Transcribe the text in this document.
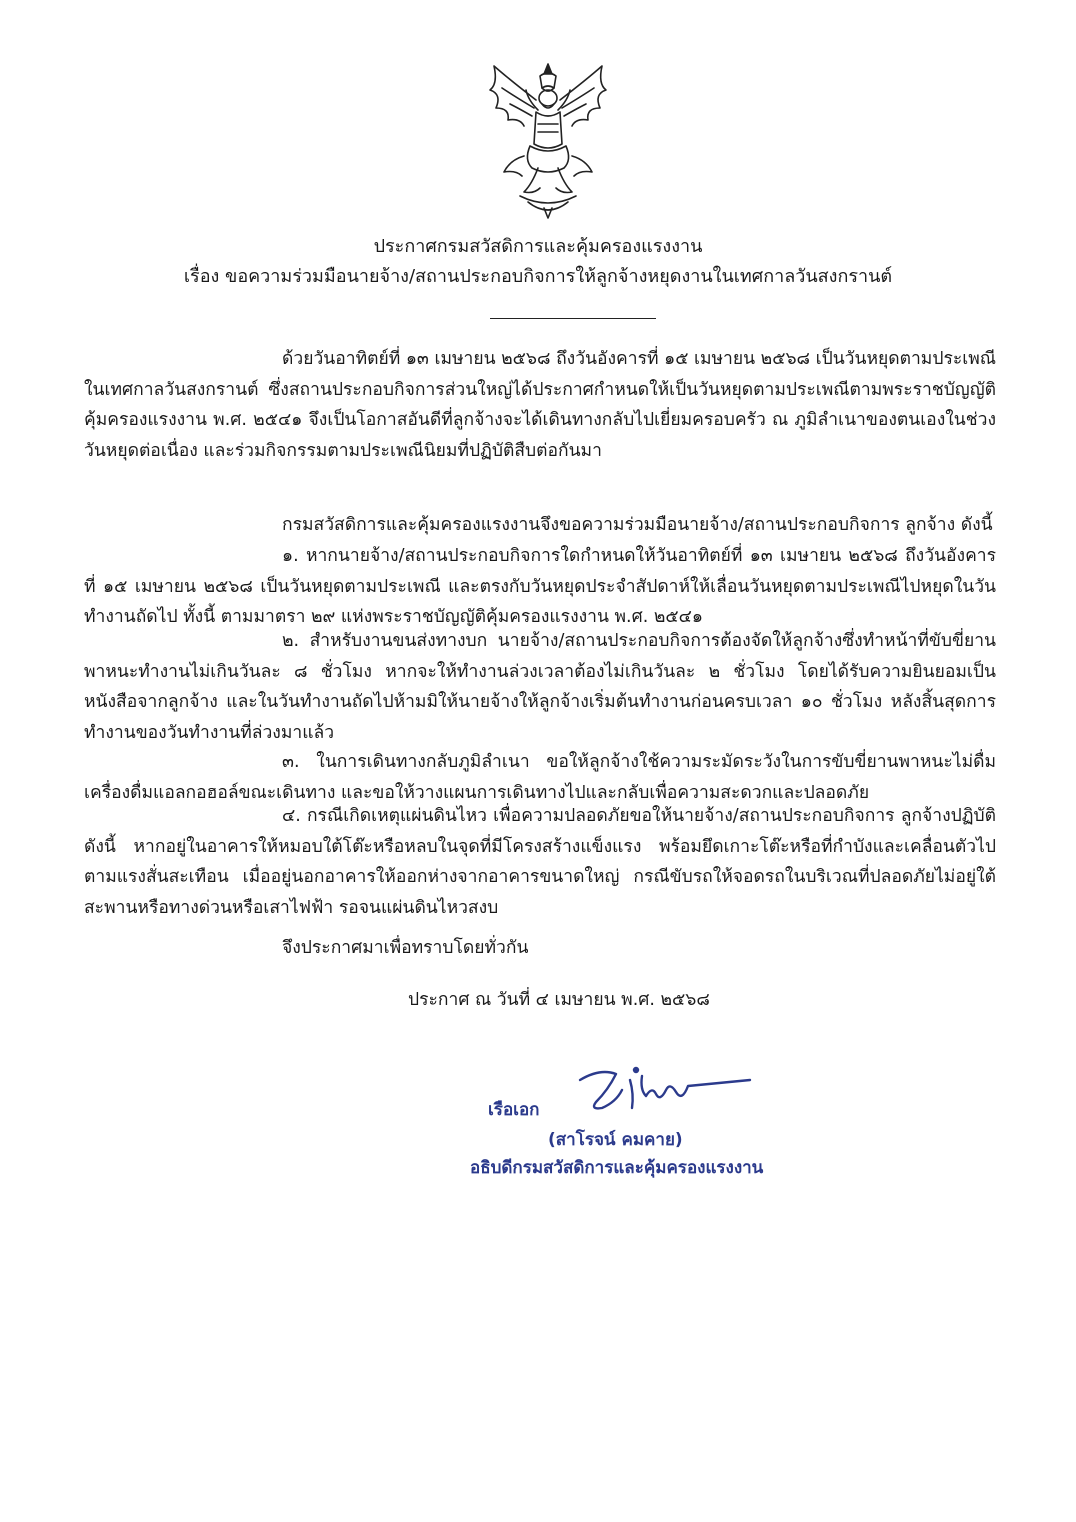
ประกาศกรมสวัสดิการและคุ้มครองแรงงาน
เรื่อง ขอความร่วมมือนายจ้าง/สถานประกอบกิจการให้ลูกจ้างหยุดงานในเทศกาลวันสงกรานต์
ด้วยวันอาทิตย์ที่ ๑๓ เมษายน ๒๕๖๘ ถึงวันอังคารที่ ๑๕ เมษายน ๒๕๖๘ เป็นวันหยุดตามประเพณีในเทศกาลวันสงกรานต์ ซึ่งสถานประกอบกิจการส่วนใหญ่ได้ประกาศกำหนดให้เป็นวันหยุดตามประเพณีตามพระราชบัญญัติคุ้มครองแรงงาน พ.ศ. ๒๕๔๑ จึงเป็นโอกาสอันดีที่ลูกจ้างจะได้เดินทางกลับไปเยี่ยมครอบครัว ณ ภูมิลำเนาของตนเองในช่วงวันหยุดต่อเนื่อง และร่วมกิจกรรมตามประเพณีนิยมที่ปฏิบัติสืบต่อกันมา
กรมสวัสดิการและคุ้มครองแรงงานจึงขอความร่วมมือนายจ้าง/สถานประกอบกิจการ ลูกจ้าง ดังนี้
๑. หากนายจ้าง/สถานประกอบกิจการใดกำหนดให้วันอาทิตย์ที่ ๑๓ เมษายน ๒๕๖๘ ถึงวันอังคารที่ ๑๕ เมษายน ๒๕๖๘ เป็นวันหยุดตามประเพณี และตรงกับวันหยุดประจำสัปดาห์ให้เลื่อนวันหยุดตามประเพณีไปหยุดในวันทำงานถัดไป ทั้งนี้ ตามมาตรา ๒๙ แห่งพระราชบัญญัติคุ้มครองแรงงาน พ.ศ. ๒๕๔๑
๒. สำหรับงานขนส่งทางบก นายจ้าง/สถานประกอบกิจการต้องจัดให้ลูกจ้างซึ่งทำหน้าที่ขับขี่ยานพาหนะทำงานไม่เกินวันละ ๘ ชั่วโมง หากจะให้ทำงานล่วงเวลาต้องไม่เกินวันละ ๒ ชั่วโมง โดยได้รับความยินยอมเป็นหนังสือจากลูกจ้าง และในวันทำงานถัดไปห้ามมิให้นายจ้างให้ลูกจ้างเริ่มต้นทำงานก่อนครบเวลา ๑๐ ชั่วโมง หลังสิ้นสุดการทำงานของวันทำงานที่ล่วงมาแล้ว
๓. ในการเดินทางกลับภูมิลำเนา ขอให้ลูกจ้างใช้ความระมัดระวังในการขับขี่ยานพาหนะไม่ดื่มเครื่องดื่มแอลกอฮอล์ขณะเดินทาง และขอให้วางแผนการเดินทางไปและกลับเพื่อความสะดวกและปลอดภัย
๔. กรณีเกิดเหตุแผ่นดินไหว เพื่อความปลอดภัยขอให้นายจ้าง/สถานประกอบกิจการ ลูกจ้างปฏิบัติดังนี้ หากอยู่ในอาคารให้หมอบใต้โต๊ะหรือหลบในจุดที่มีโครงสร้างแข็งแรง พร้อมยึดเกาะโต๊ะหรือที่กำบังและเคลื่อนตัวไปตามแรงสั่นสะเทือน เมื่ออยู่นอกอาคารให้ออกห่างจากอาคารขนาดใหญ่ กรณีขับรถให้จอดรถในบริเวณที่ปลอดภัยไม่อยู่ใต้สะพานหรือทางด่วนหรือเสาไฟฟ้า รอจนแผ่นดินไหวสงบ
จึงประกาศมาเพื่อทราบโดยทั่วกัน
ประกาศ ณ วันที่ ๔ เมษายน พ.ศ. ๒๕๖๘
เรือเอก
(สาโรจน์ คมคาย)
อธิบดีกรมสวัสดิการและคุ้มครองแรงงาน
